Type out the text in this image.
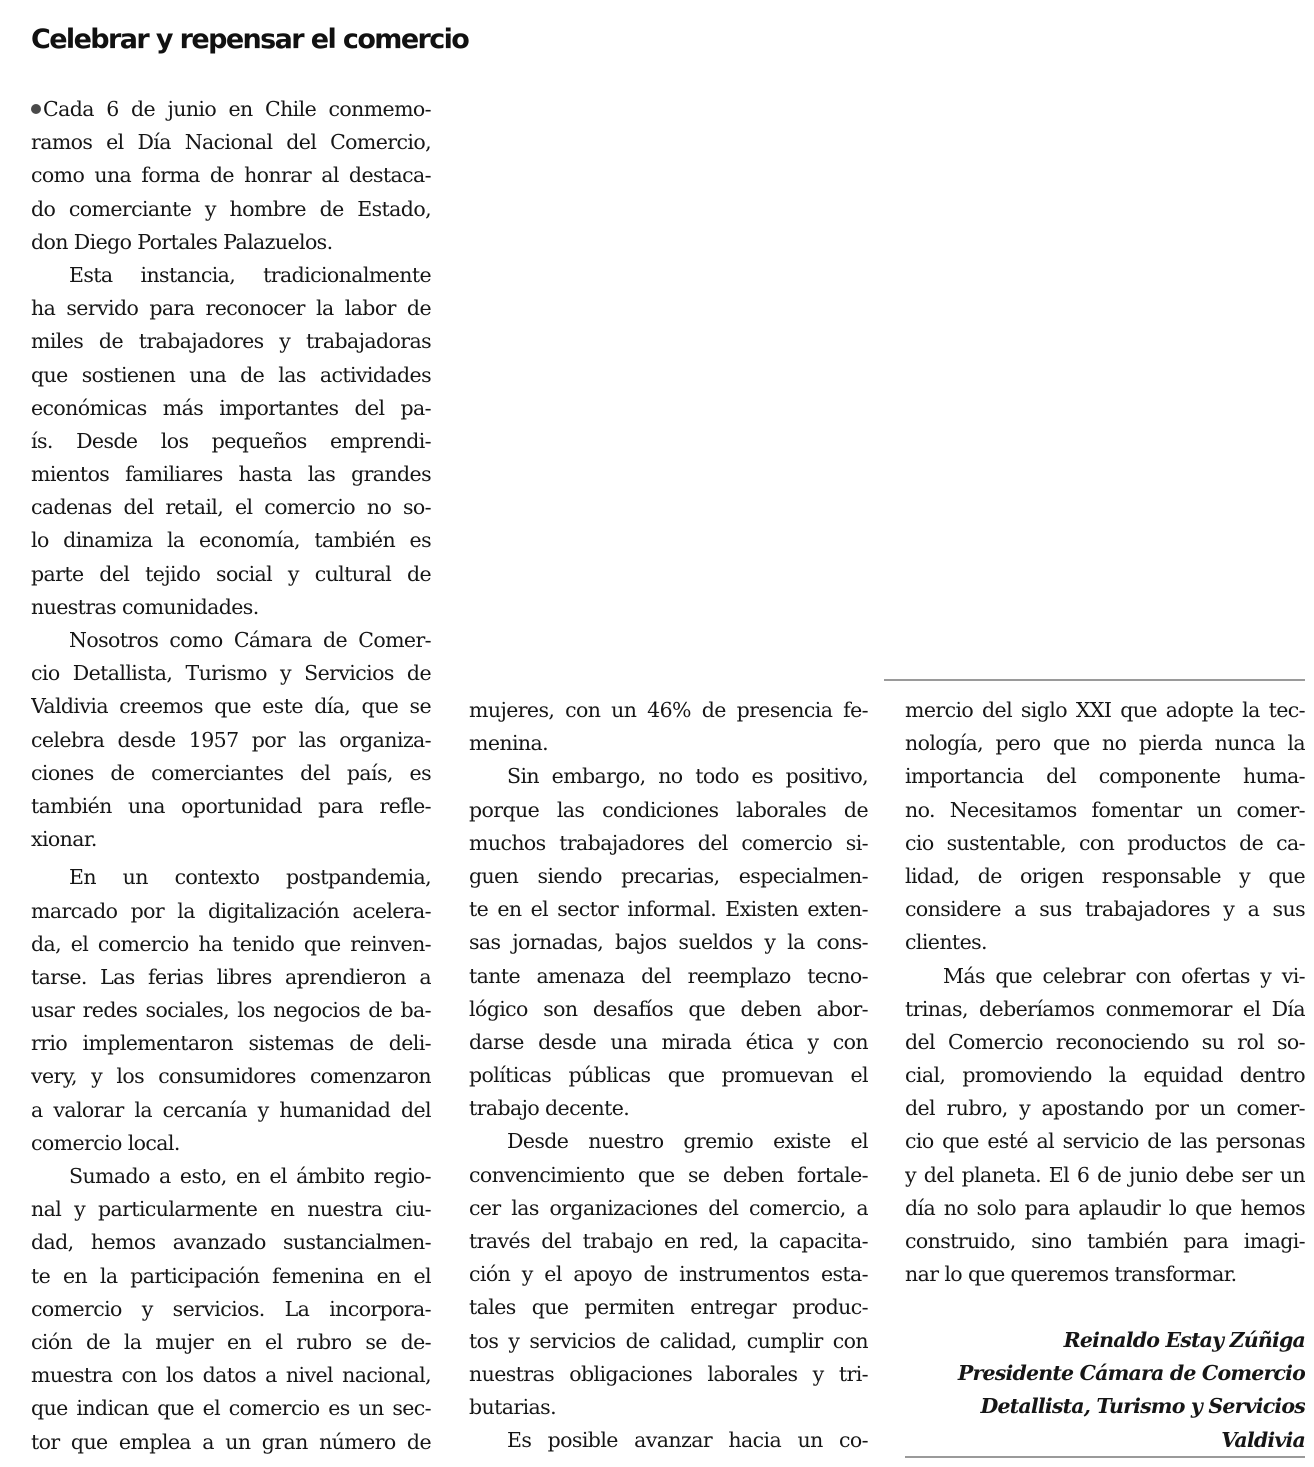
Celebrar y repensar el comercio
Cada 6 de junio en Chile conmemo-
ramos el Día Nacional del Comercio,
como una forma de honrar al destaca-
do comerciante y hombre de Estado,
don Diego Portales Palazuelos.
Esta instancia, tradicionalmente
ha servido para reconocer la labor de
miles de trabajadores y trabajadoras
que sostienen una de las actividades
económicas más importantes del pa-
ís. Desde los pequeños emprendi-
mientos familiares hasta las grandes
cadenas del retail, el comercio no so-
lo dinamiza la economía, también es
parte del tejido social y cultural de
nuestras comunidades.
Nosotros como Cámara de Comer-
cio Detallista, Turismo y Servicios de
Valdivia creemos que este día, que se
celebra desde 1957 por las organiza-
ciones de comerciantes del país, es
también una oportunidad para refle-
xionar.
En un contexto postpandemia,
marcado por la digitalización acelera-
da, el comercio ha tenido que reinven-
tarse. Las ferias libres aprendieron a
usar redes sociales, los negocios de ba-
rrio implementaron sistemas de deli-
very, y los consumidores comenzaron
a valorar la cercanía y humanidad del
comercio local.
Sumado a esto, en el ámbito regio-
nal y particularmente en nuestra ciu-
dad, hemos avanzado sustancialmen-
te en la participación femenina en el
comercio y servicios. La incorpora-
ción de la mujer en el rubro se de-
muestra con los datos a nivel nacional,
que indican que el comercio es un sec-
tor que emplea a un gran número de
mujeres, con un 46% de presencia fe-
menina.
Sin embargo, no todo es positivo,
porque las condiciones laborales de
muchos trabajadores del comercio si-
guen siendo precarias, especialmen-
te en el sector informal. Existen exten-
sas jornadas, bajos sueldos y la cons-
tante amenaza del reemplazo tecno-
lógico son desafíos que deben abor-
darse desde una mirada ética y con
políticas públicas que promuevan el
trabajo decente.
Desde nuestro gremio existe el
convencimiento que se deben fortale-
cer las organizaciones del comercio, a
través del trabajo en red, la capacita-
ción y el apoyo de instrumentos esta-
tales que permiten entregar produc-
tos y servicios de calidad, cumplir con
nuestras obligaciones laborales y tri-
butarias.
Es posible avanzar hacia un co-
mercio del siglo XXI que adopte la tec-
nología, pero que no pierda nunca la
importancia del componente huma-
no. Necesitamos fomentar un comer-
cio sustentable, con productos de ca-
lidad, de origen responsable y que
considere a sus trabajadores y a sus
clientes.
Más que celebrar con ofertas y vi-
trinas, deberíamos conmemorar el Día
del Comercio reconociendo su rol so-
cial, promoviendo la equidad dentro
del rubro, y apostando por un comer-
cio que esté al servicio de las personas
y del planeta. El 6 de junio debe ser un
día no solo para aplaudir lo que hemos
construido, sino también para imagi-
nar lo que queremos transformar.
Reinaldo Estay Zúñiga
Presidente Cámara de Comercio
Detallista, Turismo y Servicios
Valdivia
